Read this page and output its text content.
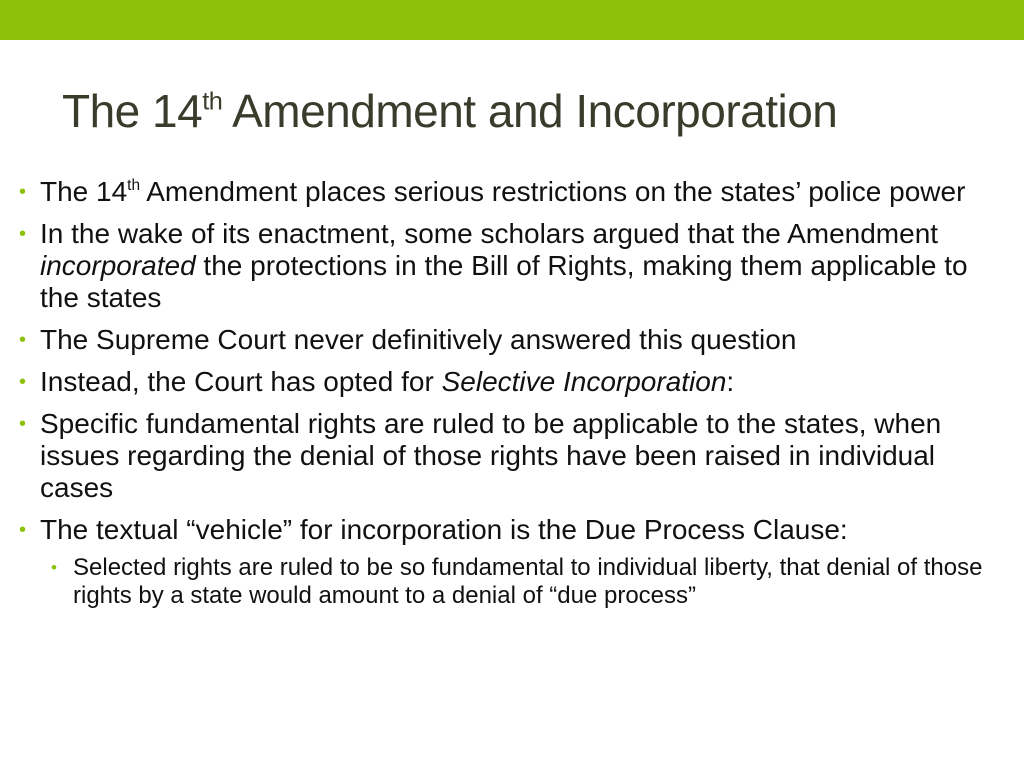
The 14th Amendment and Incorporation
• The 14th Amendment places serious restrictions on the states’ police power
• In the wake of its enactment, some scholars argued that the Amendment incorporated the protections in the Bill of Rights, making them applicable to the states
• The Supreme Court never definitively answered this question
• Instead, the Court has opted for Selective Incorporation:
• Specific fundamental rights are ruled to be applicable to the states, when issues regarding the denial of those rights have been raised in individual cases
• The textual “vehicle” for incorporation is the Due Process Clause:
• Selected rights are ruled to be so fundamental to individual liberty, that denial of those rights by a state would amount to a denial of “due process”
